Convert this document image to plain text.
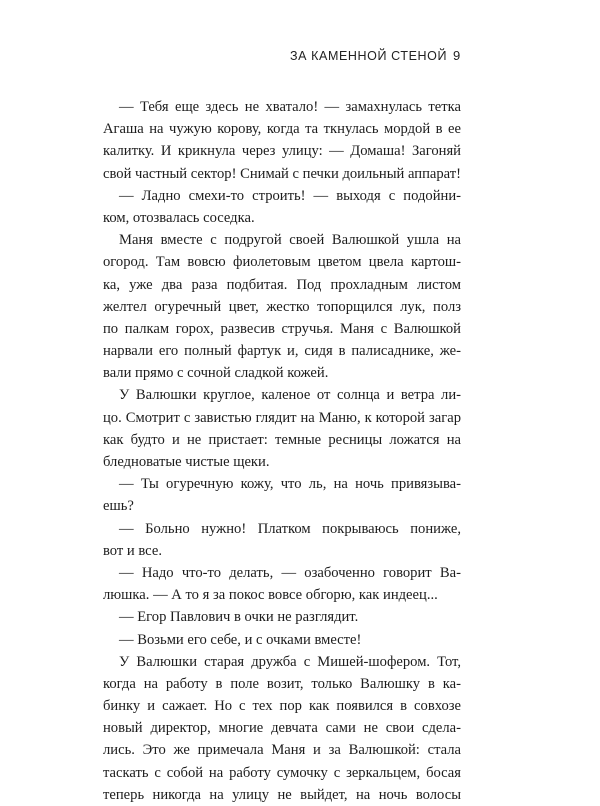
ЗА КАМЕННОЙ СТЕНОЙ 9
— Тебя еще здесь не хватало! — замахнулась тетка
Агаша на чужую корову, когда та ткнулась мордой в ее
калитку. И крикнула через улицу: — Домаша! Загоняй
свой частный сектор! Снимай с печки доильный аппарат!
— Ладно смехи-то строить! — выходя с подойни-
ком, отозвалась соседка.
Маня вместе с подругой своей Валюшкой ушла на
огород. Там вовсю фиолетовым цветом цвела картош-
ка, уже два раза подбитая. Под прохладным листом
желтел огуречный цвет, жестко топорщился лук, полз
по палкам горох, развесив стручья. Маня с Валюшкой
нарвали его полный фартук и, сидя в палисаднике, же-
вали прямо с сочной сладкой кожей.
У Валюшки круглое, каленое от солнца и ветра ли-
цо. Смотрит с завистью глядит на Маню, к которой загар
как будто и не пристает: темные ресницы ложатся на
бледноватые чистые щеки.
— Ты огуречную кожу, что ль, на ночь привязыва-
ешь?
— Больно нужно! Платком покрываюсь пониже,
вот и все.
— Надо что-то делать, — озабоченно говорит Ва-
люшка. — А то я за покос вовсе обгорю, как индеец...
— Егор Павлович в очки не разглядит.
— Возьми его себе, и с очками вместе!
У Валюшки старая дружба с Мишей-шофером. Тот,
когда на работу в поле возит, только Валюшку в ка-
бинку и сажает. Но с тех пор как появился в совхозе
новый директор, многие девчата сами не свои сдела-
лись. Это же примечала Маня и за Валюшкой: стала
таскать с собой на работу сумочку с зеркальцем, босая
теперь никогда на улицу не выйдет, на ночь волосы
